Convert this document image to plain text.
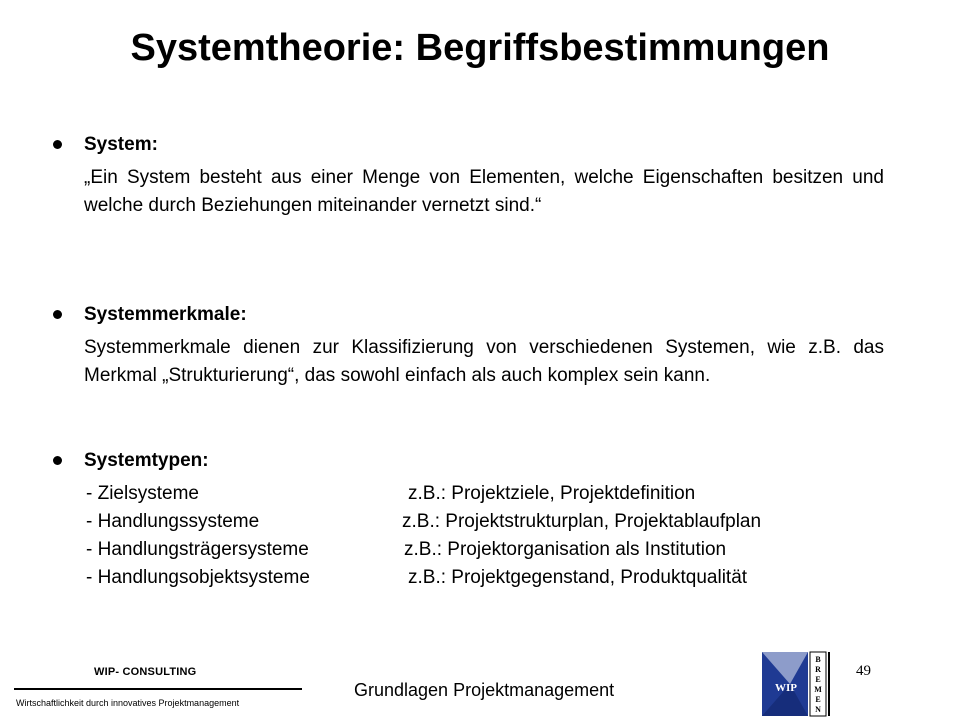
Systemtheorie: Begriffsbestimmungen
System:
„Ein System besteht aus einer Menge von Elementen, welche Eigenschaften besitzen und welche durch Beziehungen miteinander vernetzt sind.“
Systemmerkmale:
Systemmerkmale dienen zur Klassifizierung von verschiedenen Systemen, wie z.B. das Merkmal „Strukturierung“, das sowohl einfach als auch komplex sein kann.
Systemtypen:
- Zielsysteme	z.B.: Projektziele, Projektdefinition
- Handlungssysteme	z.B.: Projektstrukturplan, Projektablaufplan
- Handlungsträgersysteme	z.B.: Projektorganisation als Institution
- Handlungsobjektsysteme	z.B.: Projektgegenstand, Produktqualität
WIP- CONSULTING
Wirtschaftlichkeit durch innovatives Projektmanagement
Grundlagen Projektmanagement
49
WIP
B
R
E
M
E
N
